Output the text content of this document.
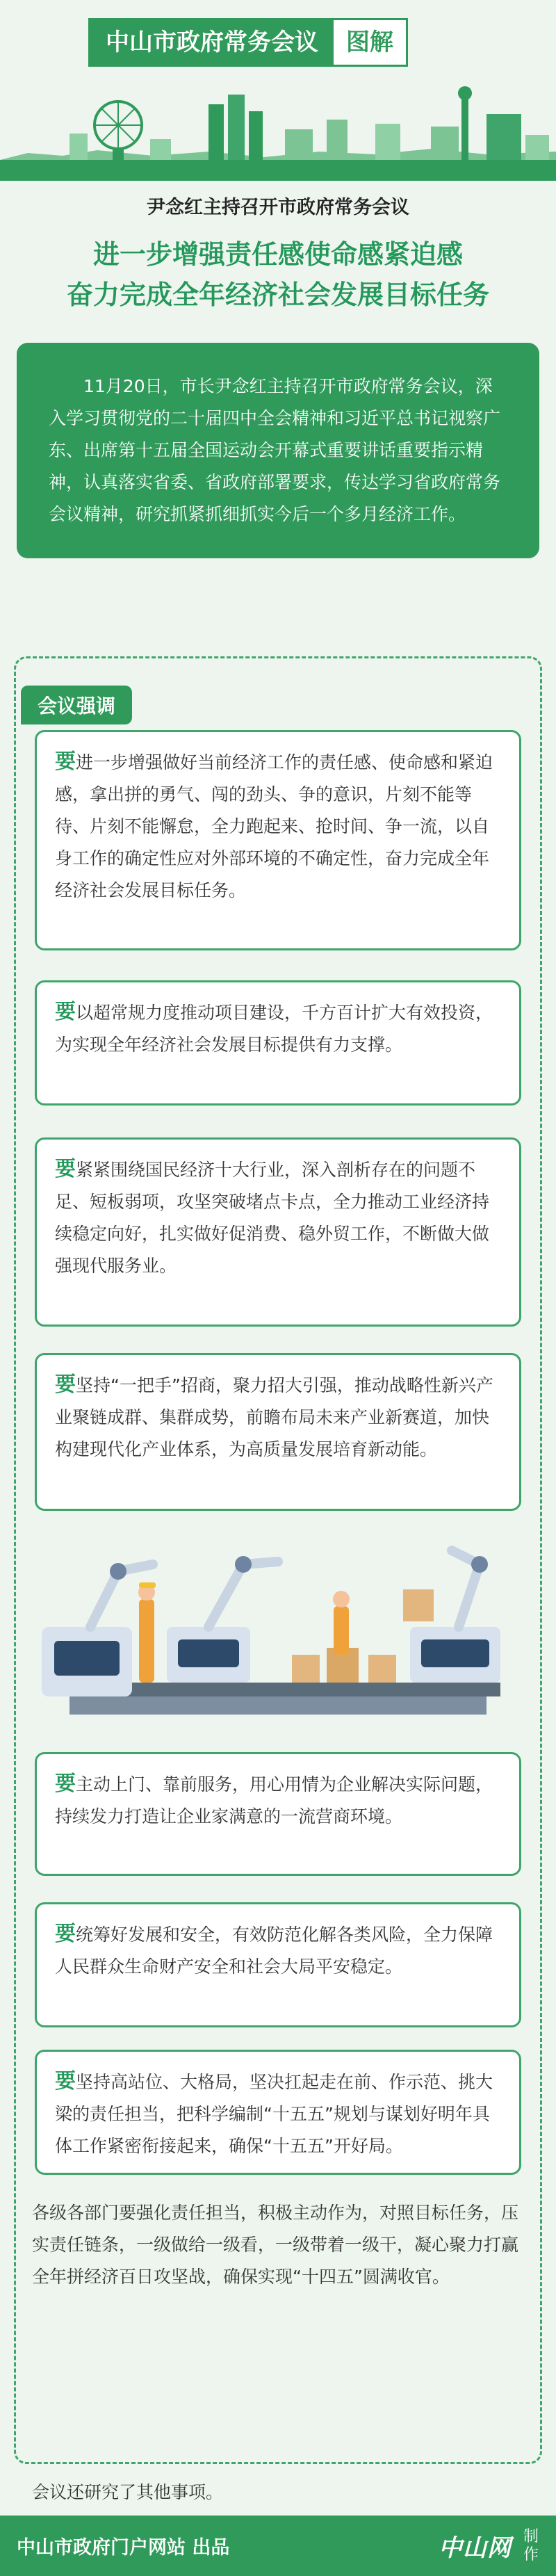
中山市政府常务会议	图解
尹念红主持召开市政府常务会议
进一步增强责任感使命感紧迫感
奋力完成全年经济社会发展目标任务
11月20日，市长尹念红主持召开市政府常务会议，深入学习贯彻党的二十届四中全会精神和习近平总书记视察广东、出席第十五届全国运动会开幕式重要讲话重要指示精神，认真落实省委、省政府部署要求，传达学习省政府常务会议精神，研究抓紧抓细抓实今后一个多月经济工作。
会议强调
要进一步增强做好当前经济工作的责任感、使命感和紧迫感，拿出拼的勇气、闯的劲头、争的意识，片刻不能等待、片刻不能懈怠，全力跑起来、抢时间、争一流，以自身工作的确定性应对外部环境的不确定性，奋力完成全年经济社会发展目标任务。
要以超常规力度推动项目建设，千方百计扩大有效投资，为实现全年经济社会发展目标提供有力支撑。
要紧紧围绕国民经济十大行业，深入剖析存在的问题不足、短板弱项，攻坚突破堵点卡点，全力推动工业经济持续稳定向好，扎实做好促消费、稳外贸工作，不断做大做强现代服务业。
要坚持“一把手”招商，聚力招大引强，推动战略性新兴产业聚链成群、集群成势，前瞻布局未来产业新赛道，加快构建现代化产业体系，为高质量发展培育新动能。
要主动上门、靠前服务，用心用情为企业解决实际问题，持续发力打造让企业家满意的一流营商环境。
要统筹好发展和安全，有效防范化解各类风险，全力保障人民群众生命财产安全和社会大局平安稳定。
要坚持高站位、大格局，坚决扛起走在前、作示范、挑大梁的责任担当，把科学编制“十五五”规划与谋划好明年具体工作紧密衔接起来，确保“十五五”开好局。
各级各部门要强化责任担当，积极主动作为，对照目标任务，压实责任链条，一级做给一级看，一级带着一级干，凝心聚力打赢全年拼经济百日攻坚战，确保实现“十四五”圆满收官。
会议还研究了其他事项。
中山市政府门户网站 出品	中山网 制作
